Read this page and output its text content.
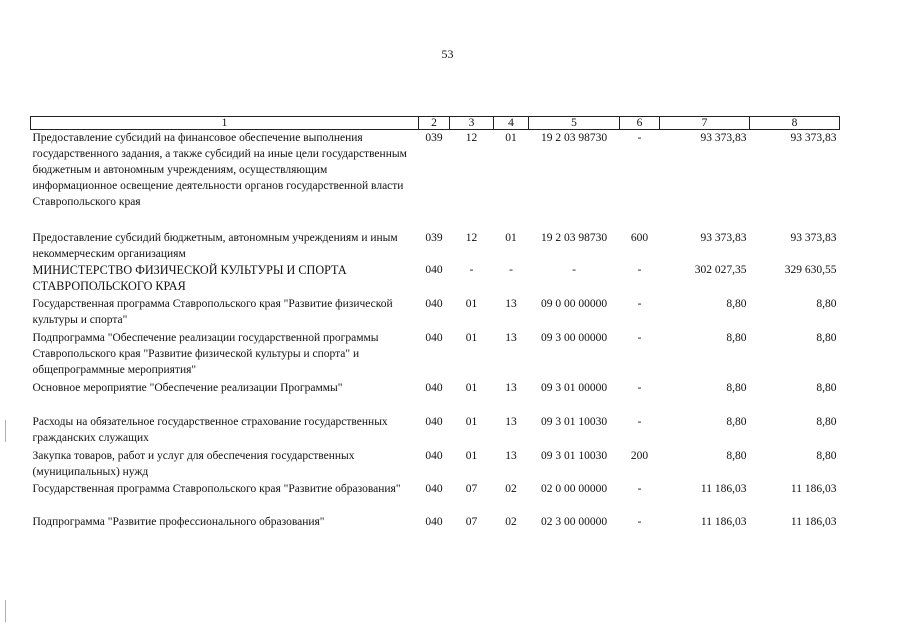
53
1	2	3	4	5	6	7	8
Предоставление субсидий на финансовое обеспечение выполнения государственного задания, а также субсидий на иные цели государственным бюджетным и автономным учреждениям, осуществляющим информационное освещение деятельности органов государственной власти Ставропольского края	039	12	01	19 2 03 98730	-	93 373,83	93 373,83
Предоставление субсидий бюджетным, автономным учреждениям и иным некоммерческим организациям	039	12	01	19 2 03 98730	600	93 373,83	93 373,83
МИНИСТЕРСТВО ФИЗИЧЕСКОЙ КУЛЬТУРЫ И СПОРТА СТАВРОПОЛЬСКОГО КРАЯ	040	-	-	-	-	302 027,35	329 630,55
Государственная программа Ставропольского края "Развитие физической культуры и спорта"	040	01	13	09 0 00 00000	-	8,80	8,80
Подпрограмма "Обеспечение реализации государственной программы Ставропольского края "Развитие физической культуры и спорта" и общепрограммные мероприятия"	040	01	13	09 3 00 00000	-	8,80	8,80
Основное мероприятие "Обеспечение реализации Программы"	040	01	13	09 3 01 00000	-	8,80	8,80
Расходы на обязательное государственное страхование государственных гражданских служащих	040	01	13	09 3 01 10030	-	8,80	8,80
Закупка товаров, работ и услуг для обеспечения государственных (муниципальных) нужд	040	01	13	09 3 01 10030	200	8,80	8,80
Государственная программа Ставропольского края "Развитие образования"	040	07	02	02 0 00 00000	-	11 186,03	11 186,03
Подпрограмма "Развитие профессионального образования"	040	07	02	02 3 00 00000	-	11 186,03	11 186,03
